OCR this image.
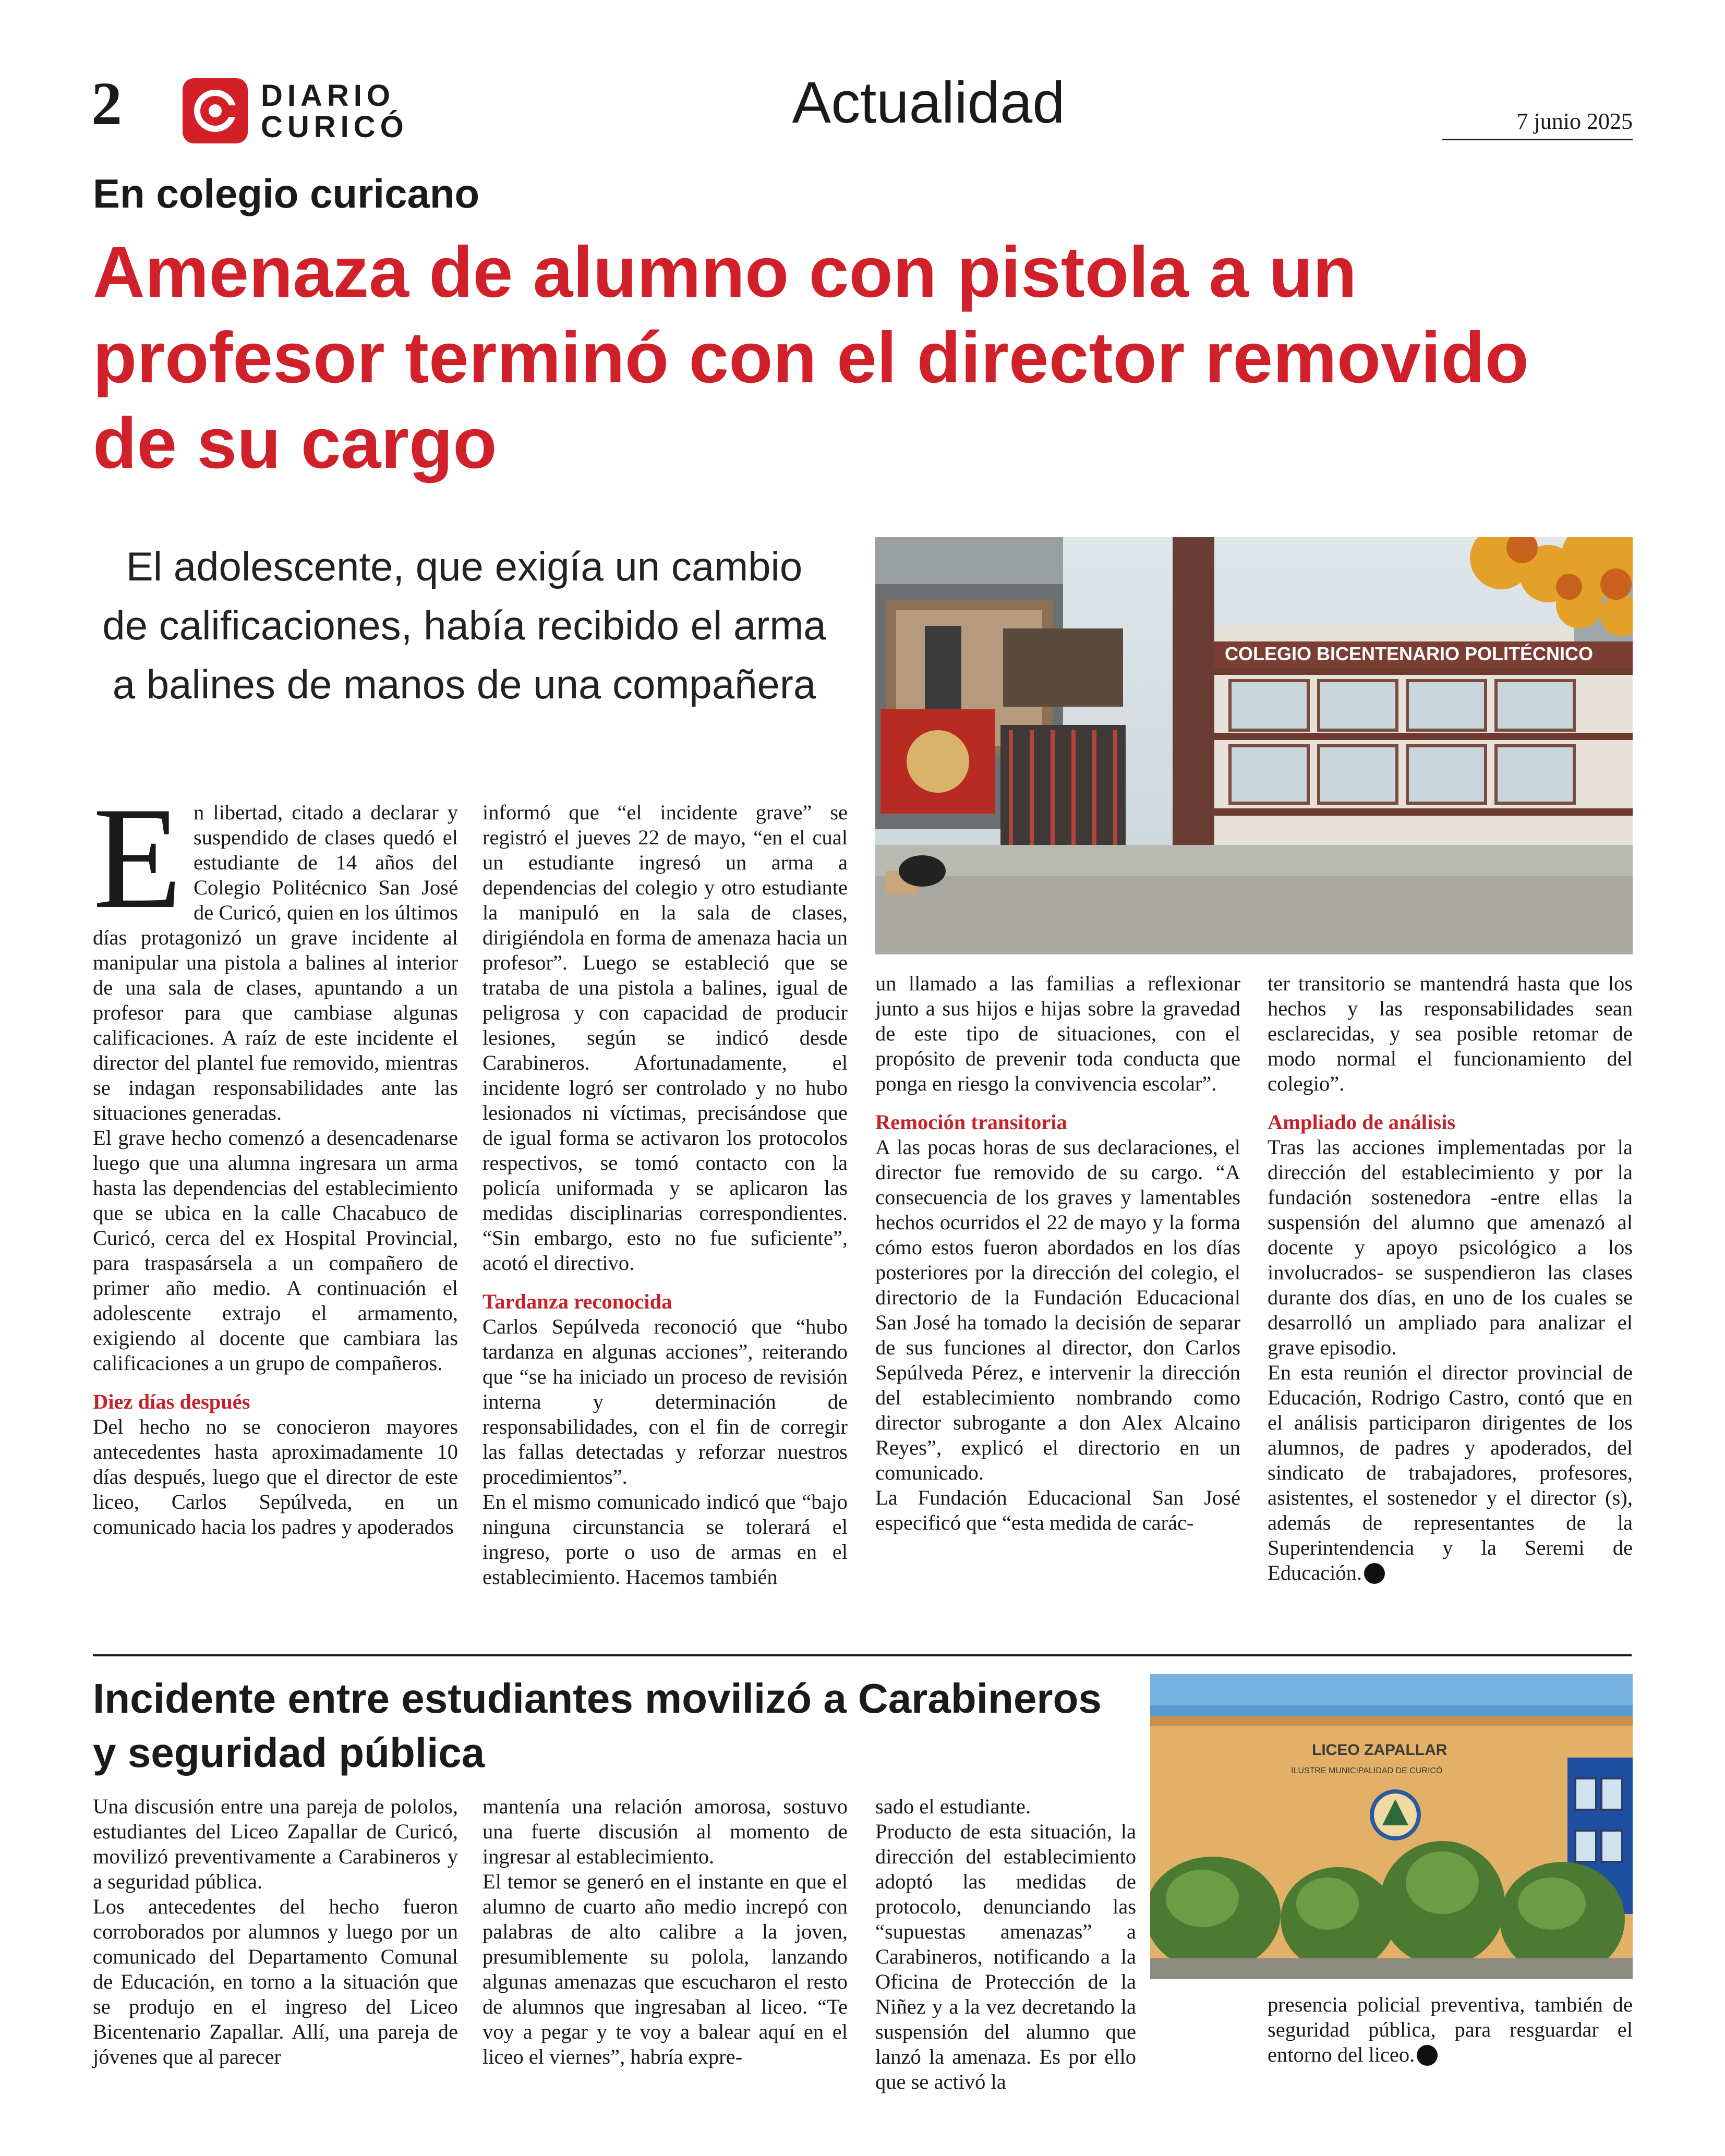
2	DIARIO
CURICÓ	Actualidad	7 junio 2025
En colegio curicano
Amenaza de alumno con pistola a un profesor terminó con el director removido de su cargo
El adolescente, que exigía un cambio de calificaciones, había recibido el arma a balines de manos de una compañera
COLEGIO BICENTENARIO POLITÉCNICO

En libertad, citado a declarar y suspendido de clases quedó el estudiante de 14 años del Colegio Politécnico San José de Curicó, quien en los últimos días protagonizó un grave incidente al manipular una pistola a balines al interior de una sala de clases, apuntando a un profesor para que cambiase algunas calificaciones. A raíz de este incidente el director del plantel fue removido, mientras se indagan responsabilidades ante las situaciones generadas.

El grave hecho comenzó a desencadenarse luego que una alumna ingresara un arma hasta las dependencias del establecimiento que se ubica en la calle Chacabuco de Curicó, cerca del ex Hospital Provincial, para traspasársela a un compañero de primer año medio. A continuación el adolescente extrajo el armamento, exigiendo al docente que cambiara las calificaciones a un grupo de compañeros.

Diez días después

Del hecho no se conocieron mayores antecedentes hasta aproximadamente 10 días después, luego que el director de este liceo, Carlos Sepúlveda, en un comunicado hacia los padres y apoderados

informó que “el incidente grave” se registró el jueves 22 de mayo, “en el cual un estudiante ingresó un arma a dependencias del colegio y otro estudiante la manipuló en la sala de clases, dirigiéndola en forma de amenaza hacia un profesor”. Luego se estableció que se trataba de una pistola a balines, igual de peligrosa y con capacidad de producir lesiones, según se indicó desde Carabineros. Afortunadamente, el incidente logró ser controlado y no hubo lesionados ni víctimas, precisándose que de igual forma se activaron los protocolos respectivos, se tomó contacto con la policía uniformada y se aplicaron las medidas disciplinarias correspondientes. “Sin embargo, esto no fue suficiente”, acotó el directivo.

Tardanza reconocida

Carlos Sepúlveda reconoció que “hubo tardanza en algunas acciones”, reiterando que “se ha iniciado un proceso de revisión interna y determinación de responsabilidades, con el fin de corregir las fallas detectadas y reforzar nuestros procedimientos”.

En el mismo comunicado indicó que “bajo ninguna circunstancia se tolerará el ingreso, porte o uso de armas en el establecimiento. Hacemos también

un llamado a las familias a reflexionar junto a sus hijos e hijas sobre la gravedad de este tipo de situaciones, con el propósito de prevenir toda conducta que ponga en riesgo la convivencia escolar”.

Remoción transitoria

A las pocas horas de sus declaraciones, el director fue removido de su cargo. “A consecuencia de los graves y lamentables hechos ocurridos el 22 de mayo y la forma cómo estos fueron abordados en los días posteriores por la dirección del colegio, el directorio de la Fundación Educacional San José ha tomado la decisión de separar de sus funciones al director, don Carlos Sepúlveda Pérez, e intervenir la dirección del establecimiento nombrando como director subrogante a don Alex Alcaino Reyes”, explicó el directorio en un comunicado.

La Fundación Educacional San José especificó que “esta medida de carác-

ter transitorio se mantendrá hasta que los hechos y las responsabilidades sean esclarecidas, y sea posible retomar de modo normal el funcionamiento del colegio”.

Ampliado de análisis

Tras las acciones implementadas por la dirección del establecimiento y por la fundación sostenedora -entre ellas la suspensión del alumno que amenazó al docente y apoyo psicológico a los involucrados- se suspendieron las clases durante dos días, en uno de los cuales se desarrolló un ampliado para analizar el grave episodio.

En esta reunión el director provincial de Educación, Rodrigo Castro, contó que en el análisis participaron dirigentes de los alumnos, de padres y apoderados, del sindicato de trabajadores, profesores, asistentes, el sostenedor y el director (s), además de representantes de la Superintendencia y la Seremi de Educación.

Incidente entre estudiantes movilizó a Carabineros y seguridad pública	LICEO ZAPALLAR
ILUSTRE MUNICIPALIDAD DE CURICÓ

Una discusión entre una pareja de pololos, estudiantes del Liceo Zapallar de Curicó, movilizó preventivamente a Carabineros y a seguridad pública.

Los antecedentes del hecho fueron corroborados por alumnos y luego por un comunicado del Departamento Comunal de Educación, en torno a la situación que se produjo en el ingreso del Liceo Bicentenario Zapallar. Allí, una pareja de jóvenes que al parecer

mantenía una relación amorosa, sostuvo una fuerte discusión al momento de ingresar al establecimiento.

El temor se generó en el instante en que el alumno de cuarto año medio increpó con palabras de alto calibre a la joven, presumiblemente su polola, lanzando algunas amenazas que escucharon el resto de alumnos que ingresaban al liceo. “Te voy a pegar y te voy a balear aquí en el liceo el viernes”, habría expre-

sado el estudiante.

Producto de esta situación, la dirección del establecimiento adoptó las medidas de protocolo, denunciando las “supuestas amenazas” a Carabineros, notificando a la Oficina de Protección de la Niñez y a la vez decretando la suspensión del alumno que lanzó la amenaza. Es por ello que se activó la

presencia policial preventiva, también de seguridad pública, para resguardar el entorno del liceo.
